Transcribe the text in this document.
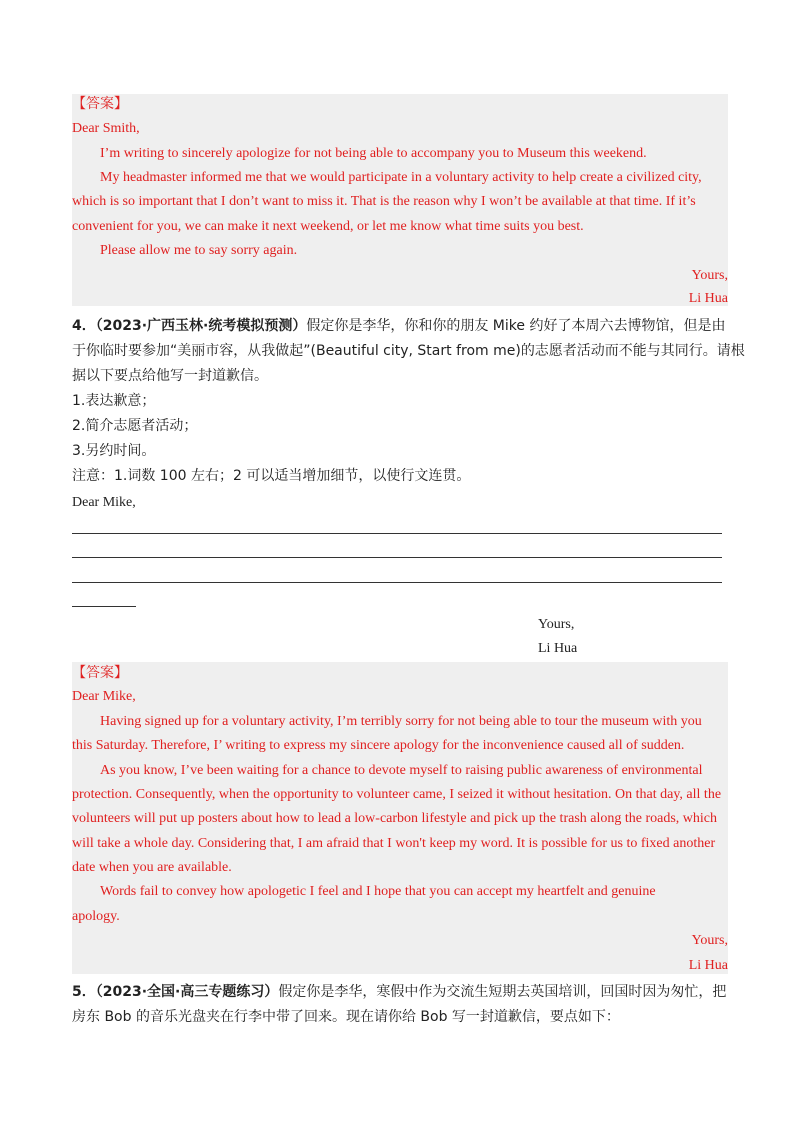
【答案】
Dear Smith,
I’m writing to sincerely apologize for not being able to accompany you to Museum this weekend.
My headmaster informed me that we would participate in a voluntary activity to help create a civilized city,
which is so important that I don’t want to miss it. That is the reason why I won’t be available at that time. If it’s
convenient for you, we can make it next weekend, or let me know what time suits you best.
Please allow me to say sorry again.
Yours,
Li Hua
4．（2023·广西玉林·统考模拟预测）假定你是李华，你和你的朋友 Mike 约好了本周六去博物馆，但是由
于你临时要参加“美丽市容，从我做起”(Beautiful city, Start from me)的志愿者活动而不能与其同行。请根
据以下要点给他写一封道歉信。
1.表达歉意；
2.简介志愿者活动；
3.另约时间。
注意：1.词数 100 左右；2 可以适当增加细节，以使行文连贯。
Dear Mike,
Yours,
Li Hua
【答案】
Dear Mike,
Having signed up for a voluntary activity, I’m terribly sorry for not being able to tour the museum with you
this Saturday. Therefore, I’ writing to express my sincere apology for the inconvenience caused all of sudden.
As you know, I’ve been waiting for a chance to devote myself to raising public awareness of environmental
protection. Consequently, when the opportunity to volunteer came, I seized it without hesitation. On that day, all the
volunteers will put up posters about how to lead a low-carbon lifestyle and pick up the trash along the roads, which
will take a whole day. Considering that, I am afraid that I won't keep my word. It is possible for us to fixed another
date when you are available.
Words fail to convey how apologetic I feel and I hope that you can accept my heartfelt and genuine
apology.
Yours,
Li Hua
5．（2023·全国·高三专题练习）假定你是李华，寒假中作为交流生短期去英国培训，回国时因为匆忙，把
房东 Bob 的音乐光盘夹在行李中带了回来。现在请你给 Bob 写一封道歉信，要点如下：
